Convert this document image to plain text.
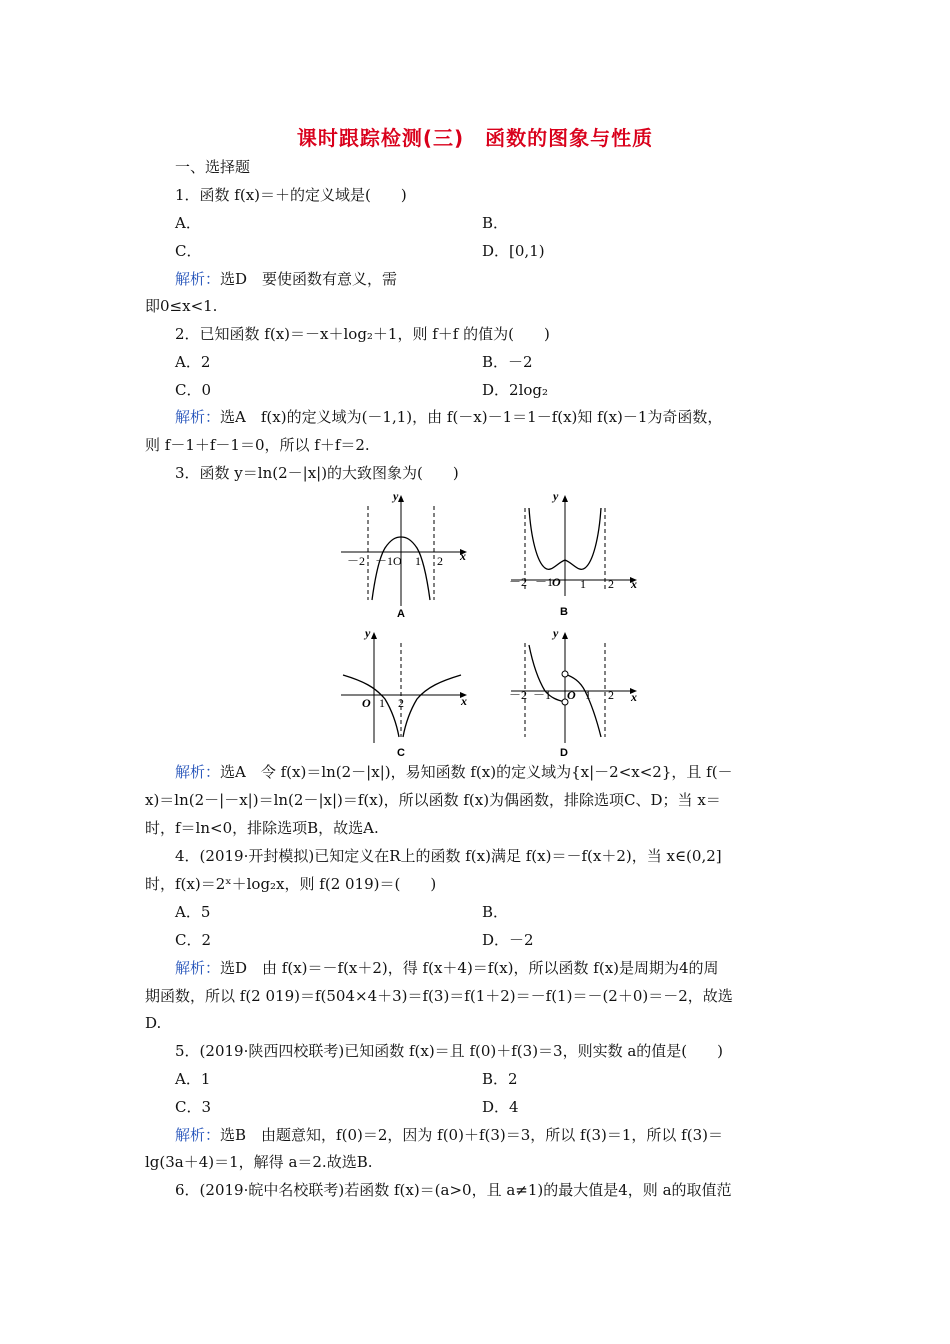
课时跟踪检测(三)　函数的图象与性质
一、选择题
1．函数 f(x)＝＋的定义域是(　　)
A．	B．
C．	D．[0,1)
解析：选D　要使函数有意义，需
即0≤x<1.
2．已知函数 f(x)＝－x＋log₂＋1，则 f＋f 的值为(　　)
A．2	B．－2
C．0	D．2log₂
解析：选A　f(x)的定义域为(－1,1)，由 f(－x)－1＝1－f(x)知 f(x)－1为奇函数，
则 f－1＋f－1＝0，所以 f＋f＝2.
3．函数 y＝ln(2－|x|)的大致图象为(　　)
y
x
－2 －1O 1 2
A
y
x
－2 －1
O 1 2
B
y
x
O 1 2
C
y
x
－2 －1 O 1 2
D
解析：选A　令 f(x)＝ln(2－|x|)，易知函数 f(x)的定义域为{x|－2<x<2}，且 f(－
x)＝ln(2－|－x|)＝ln(2－|x|)＝f(x)，所以函数 f(x)为偶函数，排除选项C、D；当 x＝
时，f＝ln<0，排除选项B，故选A.
4．(2019·开封模拟)已知定义在R上的函数 f(x)满足 f(x)＝－f(x＋2)，当 x∈(0,2]
时，f(x)＝2ˣ＋log₂x，则 f(2 019)＝(　　)
A．5	B．
C．2	D．－2
解析：选D　由 f(x)＝－f(x＋2)，得 f(x＋4)＝f(x)，所以函数 f(x)是周期为4的周
期函数，所以 f(2 019)＝f(504×4＋3)＝f(3)＝f(1＋2)＝－f(1)＝－(2＋0)＝－2，故选
D.
5．(2019·陕西四校联考)已知函数 f(x)＝且 f(0)＋f(3)＝3，则实数 a的值是(　　)
A．1	B．2
C．3	D．4
解析：选B　由题意知，f(0)＝2，因为 f(0)＋f(3)＝3，所以 f(3)＝1，所以 f(3)＝
lg(3a＋4)＝1，解得 a＝2.故选B.
6．(2019·皖中名校联考)若函数 f(x)＝(a>0，且 a≠1)的最大值是4，则 a的取值范
